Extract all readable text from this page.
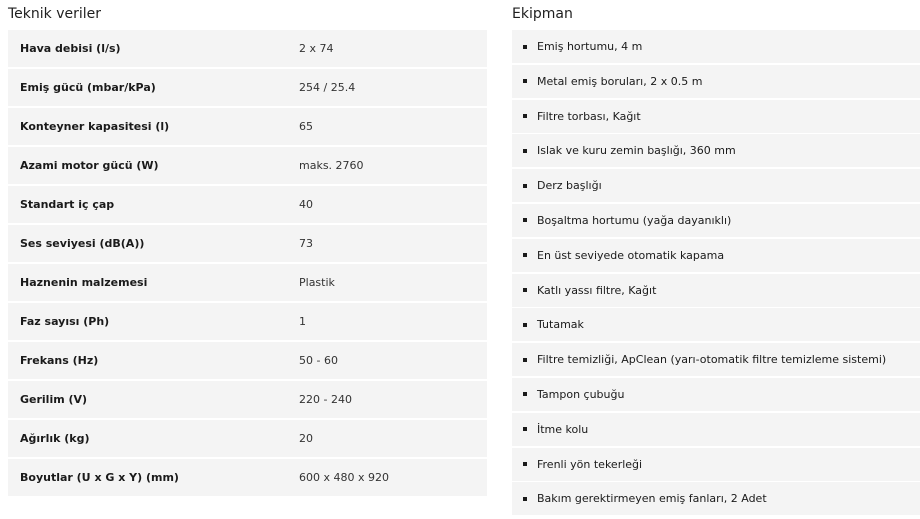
Teknik veriler
Hava debisi (l/s)	2 x 74
Emiş gücü (mbar/kPa)	254 / 25.4
Konteyner kapasitesi (l)	65
Azami motor gücü (W)	maks. 2760
Standart iç çap	40
Ses seviyesi (dB(A))	73
Haznenin malzemesi	Plastik
Faz sayısı (Ph)	1
Frekans (Hz)	50 - 60
Gerilim (V)	220 - 240
Ağırlık (kg)	20
Boyutlar (U x G x Y) (mm)	600 x 480 x 920
Ekipman
Emiş hortumu, 4 m
Metal emiş boruları, 2 x 0.5 m
Filtre torbası, Kağıt
Islak ve kuru zemin başlığı, 360 mm
Derz başlığı
Boşaltma hortumu (yağa dayanıklı)
En üst seviyede otomatik kapama
Katlı yassı filtre, Kağıt
Tutamak
Filtre temizliği, ApClean (yarı-otomatik filtre temizleme sistemi)
Tampon çubuğu
İtme kolu
Frenli yön tekerleği
Bakım gerektirmeyen emiş fanları, 2 Adet
